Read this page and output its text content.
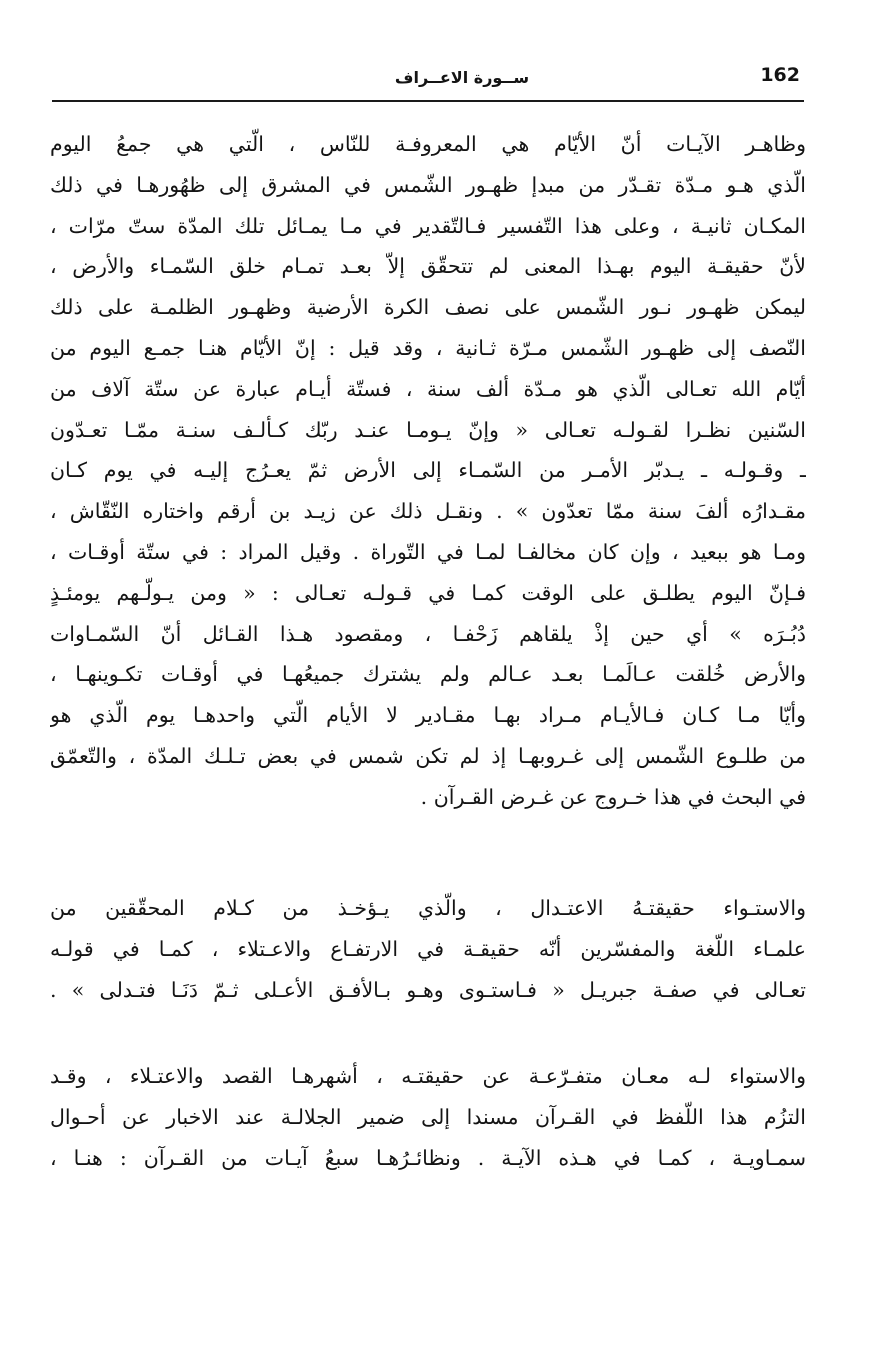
162
ســورة الاعــراف
وظاهـر الآيـات أنّ الأيّام هي المعروفـة للنّاس ، الّتي هي جمعُ اليوم
الّذي هـو مـدّة تقـدّر من مبدإ ظهـور الشّمس في المشرق إلى ظهُورهـا في ذلك
المكـان ثانيـة ، وعلى هذا التّفسير فـالتّقدير في مـا يمـائل تلك المدّة ستّ مرّات ،
لأنّ حقيقـة اليوم بهـذا المعنى لم تتحقّق إلاّ بعـد تمـام خلق السّمـاء والأرض ،
ليمكن ظهـور نـور الشّمس على نصف الكرة الأرضية وظهـور الظلمـة على ذلك
النّصف إلى ظهـور الشّمس مـرّة ثـانية ، وقد قيل : إنّ الأيّام هنـا جمـع اليوم من
أيّام الله تعـالى الّذي هو مـدّة ألف سنة ، فستّة أيـام عبارة عن ستّة آلاف من
السّنين نظـرا لقـولـه تعـالى « وإنّ يـومـا عنـد ربّك كـألـف سنـة ممّـا تعـدّون
ـ وقـولـه ـ يـدبّر الأمـر من السّمـاء إلى الأرض ثمّ يعـرُج إليـه في يوم كـان
مقـدارُه ألفَ سنة ممّا تعدّون » . ونقـل ذلك عن زيـد بن أرقم واختاره النّقّاش ،
ومـا هو ببعيد ، وإن كان مخالفـا لمـا في التّوراة . وقيل المراد : في ستّة أوقـات ،
فـإنّ اليوم يطلـق على الوقت كمـا في قـولـه تعـالى : « ومن يـولّـهم يومئـذٍ
دُبُـرَه » أي حين إذْ يلقاهم زَحْفـا ، ومقصود هـذا القـائل أنّ السّمـاوات
والأرض خُلقت عـالَمـا بعـد عـالم ولم يشترك جميعُهـا في أوقـات تكـوينهـا ،
وأيّا مـا كـان فـالأيـام مـراد بهـا مقـادير لا الأيام الّتي واحدهـا يوم الّذي هو
من طلـوع الشّمس إلى غـروبهـا إذ لم تكن شمس في بعض تـلـك المدّة ، والتّعمّق
في البحث في هذا خـروج عن غـرض القـرآن .
والاستـواء حقيقتـهُ الاعتـدال ، والّذي يـؤخـذ من كـلام المحقّقين من
علمـاء اللّغة والمفسّرين أنّه حقيقـة في الارتفـاع والاعـتلاء ، كمـا في قولـه
تعـالى في صفـة جبريـل « فـاستـوى وهـو بـالأفـق الأعـلى ثـمّ دَنَـا فتـدلى » .
والاستواء لـه معـان متفـرّعـة عن حقيقتـه ، أشهرهـا القصد والاعتـلاء ، وقـد
التزُم هذا اللّفظ في القـرآن مسندا إلى ضمير الجلالـة عند الاخبار عن أحـوال
سمـاويـة ، كمـا في هـذه الآيـة . ونظائـرُهـا سبعُ آيـات من القـرآن : هنـا ،
